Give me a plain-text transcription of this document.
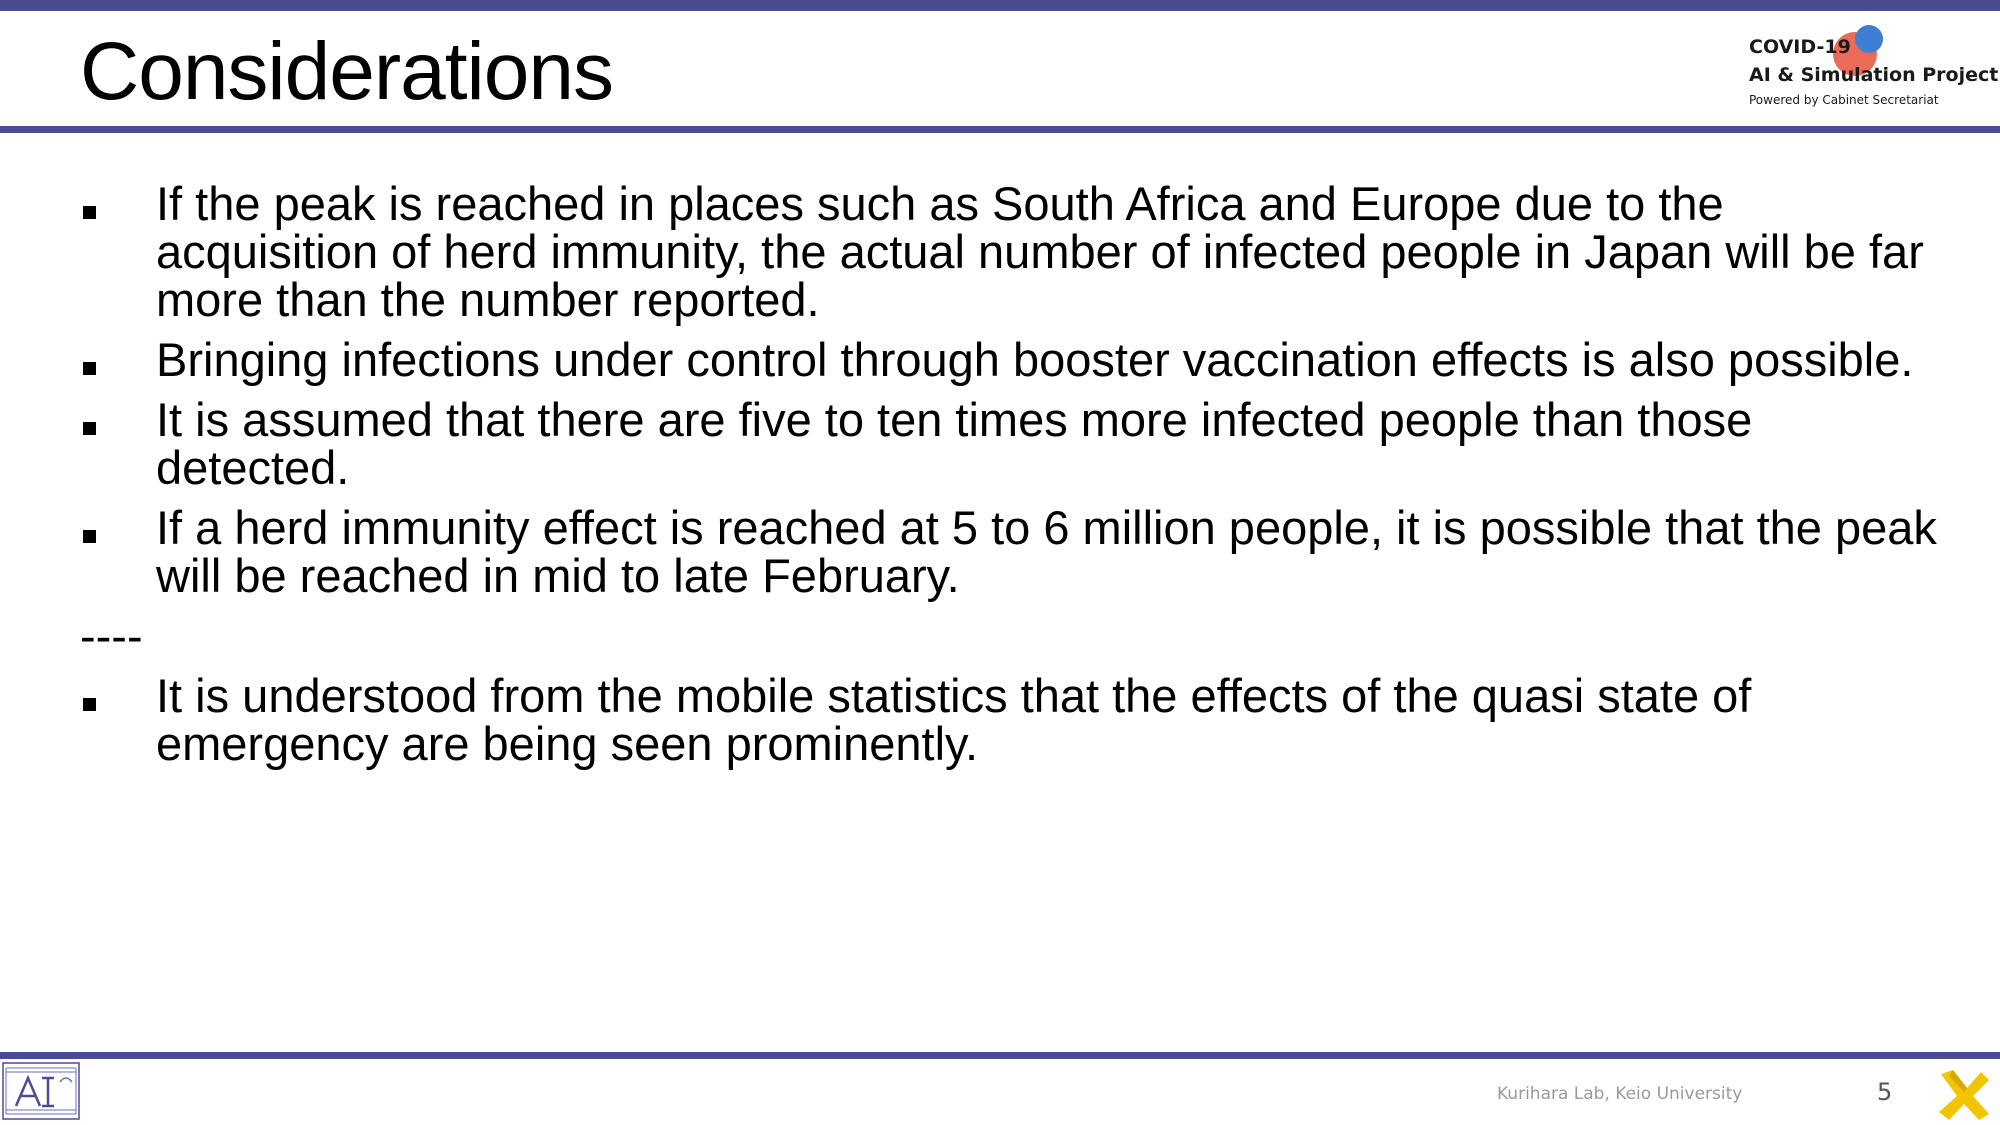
Considerations	COVID-19
AI & Simulation Project
Powered by Cabinet Secretariat
If the peak is reached in places such as South Africa and Europe due to the acquisition of herd immunity, the actual number of infected people in Japan will be far more than the number reported.
Bringing infections under control through booster vaccination effects is also possible.
It is assumed that there are five to ten times more infected people than those detected.
If a herd immunity effect is reached at 5 to 6 million people, it is possible that the peak will be reached in mid to late February.
----
It is understood from the mobile statistics that the effects of the quasi state of emergency are being seen prominently.
Kurihara Lab, Keio University	5
